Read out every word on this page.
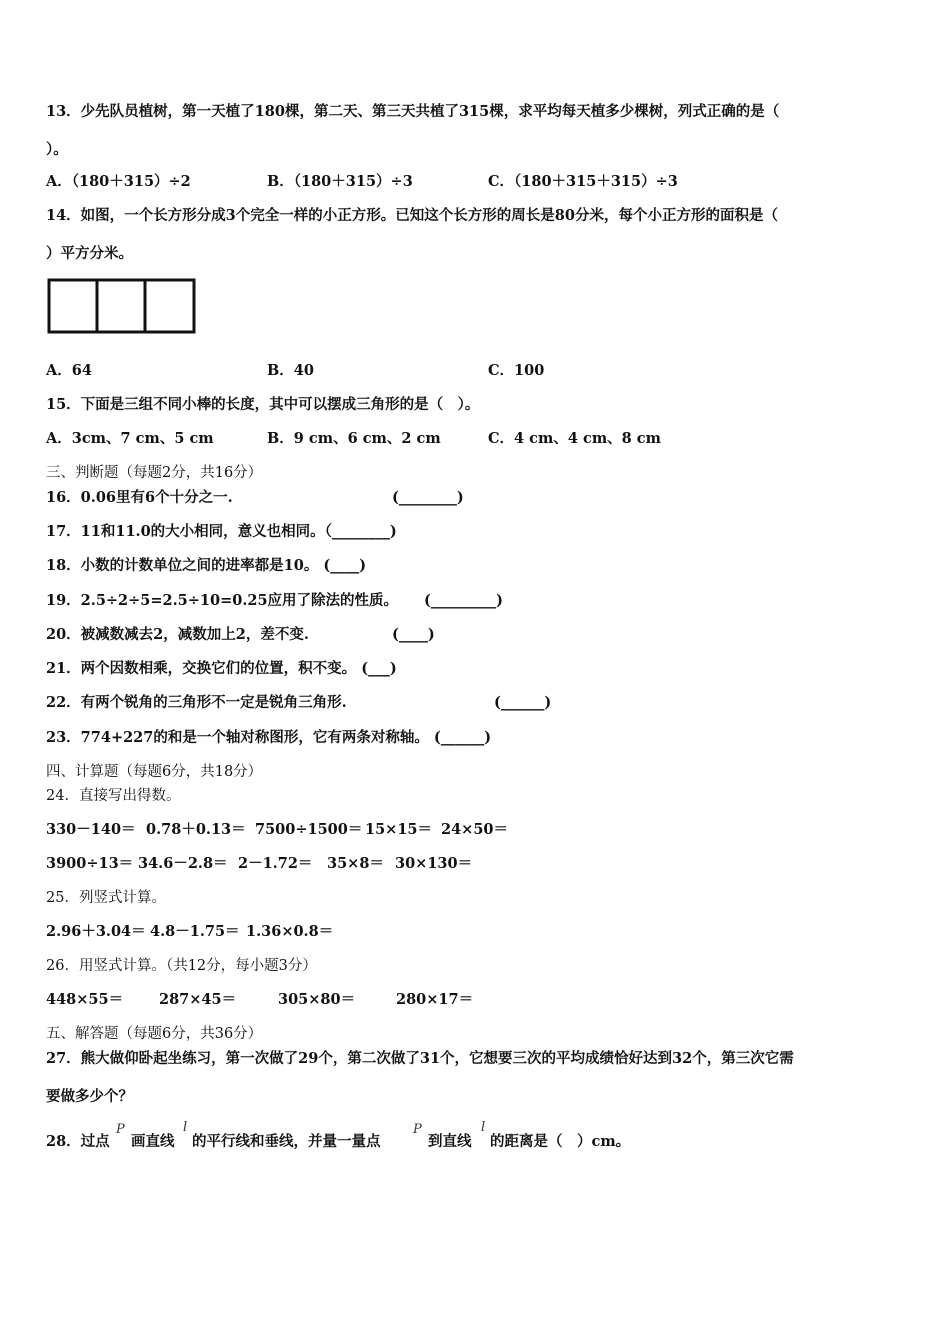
13．少先队员植树，第一天植了180棵，第二天、第三天共植了315棵，求平均每天植多少棵树，列式正确的是（
）。
A．（180＋315）÷2	B．（180＋315）÷3	C．（180＋315＋315）÷3
14．如图，一个长方形分成3个完全一样的小正方形。已知这个长方形的周长是80分米，每个小正方形的面积是（
）平方分米。
A．64	B．40	C．100
15．下面是三组不同小棒的长度，其中可以摆成三角形的是（　）。
A．3cm、7 cm、5 cm	B．9 cm、6 cm、2 cm	C．4 cm、4 cm、8 cm
三、判断题（每题2分，共16分）
16．0.06里有6个十分之一.	(________)
17．11和11.0的大小相同，意义也相同。（________)
18．小数的计数单位之间的进率都是10。 (____)
19．2.5÷2÷5=2.5÷10=0.25应用了除法的性质。 (_________)
20．被减数减去2，减数加上2，差不变.	(____)
21．两个因数相乘，交换它们的位置，积不变。 (___)
22．有两个锐角的三角形不一定是锐角三角形.	(______)
23．774+227的和是一个轴对称图形，它有两条对称轴。 (______)
四、计算题（每题6分，共18分）
24．直接写出得数。
330－140＝ 0.78＋0.13＝ 7500÷1500＝ 15×15＝ 24×50＝
3900÷13＝ 34.6－2.8＝ 2－1.72＝ 35×8＝ 30×130＝
25．列竖式计算。
2.96＋3.04＝ 4.8－1.75＝ 1.36×0.8＝
26．用竖式计算。（共12分，每小题3分）
448×55＝ 287×45＝	305×80＝	280×17＝
五、解答题（每题6分，共36分）
27．熊大做仰卧起坐练习，第一次做了29个，第二次做了31个，它想要三次的平均成绩恰好达到32个，第三次它需
要做多少个？
28．过点
P
画直线
l
的平行线和垂线，并量一量点
P
到直线
l
的距离是（　）cm。
